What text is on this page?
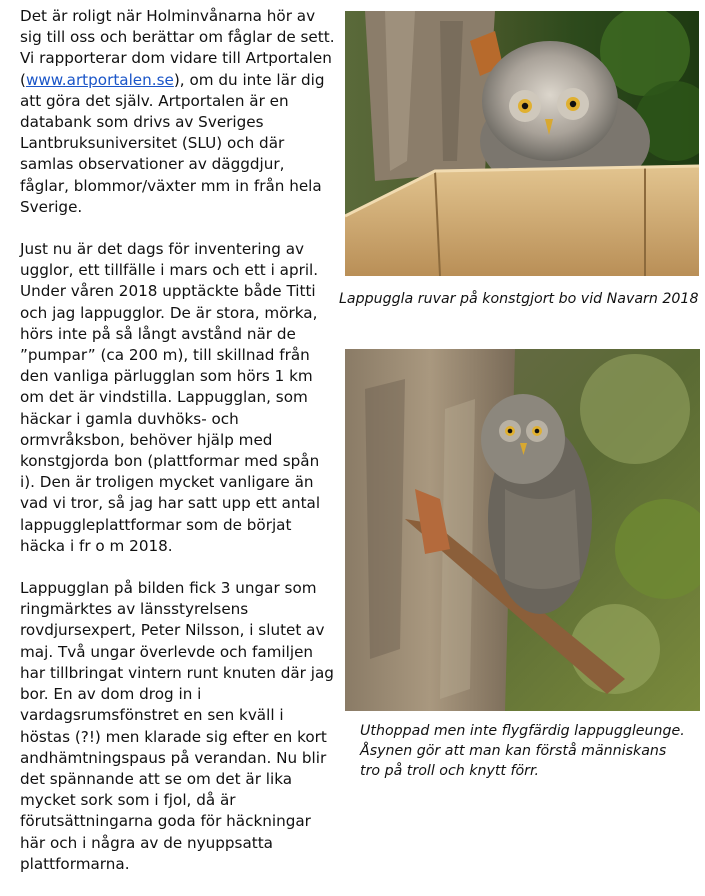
Det är roligt när Holminvånarna hör av sig till oss och berättar om fåglar de sett. Vi rapporterar dom vidare till Artportalen (www.artportalen.se), om du inte lär dig att göra det själv. Artportalen är en databank som drivs av Sveriges Lantbruksuniversitet (SLU) och där samlas observationer av däggdjur, fåglar, blommor/växter mm in från hela Sverige.

Just nu är det dags för inventering av ugglor, ett tillfälle i mars och ett i april. Under våren 2018 upptäckte både Titti och jag lappugglor. De är stora, mörka, hörs inte på så långt avstånd när de ”pumpar” (ca 200 m), till skillnad från den vanliga pärlugglan som hörs 1 km om det är vindstilla. Lappugglan, som häckar i gamla duvhöks- och ormvråksbon, behöver hjälp med konstgjorda bon (plattformar med spån i). Den är troligen mycket vanligare än vad vi tror, så jag har satt upp ett antal lappuggleplattformar som de börjat häcka i fr o m 2018.

Lappugglan på bilden fick 3 ungar som ringmärktes av länsstyrelsens rovdjursexpert, Peter Nilsson, i slutet av maj. Två ungar överlevde och familjen har tillbringat vintern runt knuten där jag bor. En av dom drog in i vardagsrumsfönstret en sen kväll i höstas (?!) men klarade sig efter en kort andhämtningspaus på verandan. Nu blir det spännande att se om det är lika mycket sork som i fjol, då är förutsättningarna goda för häckningar här och i några av de nyuppsatta plattformarna.

Lappuggla ruvar på konstgjort bo vid Navarn 2018
Uthoppad men inte flygfärdig lappuggleunge.
Åsynen gör att man kan förstå människans
tro på troll och knytt förr.
